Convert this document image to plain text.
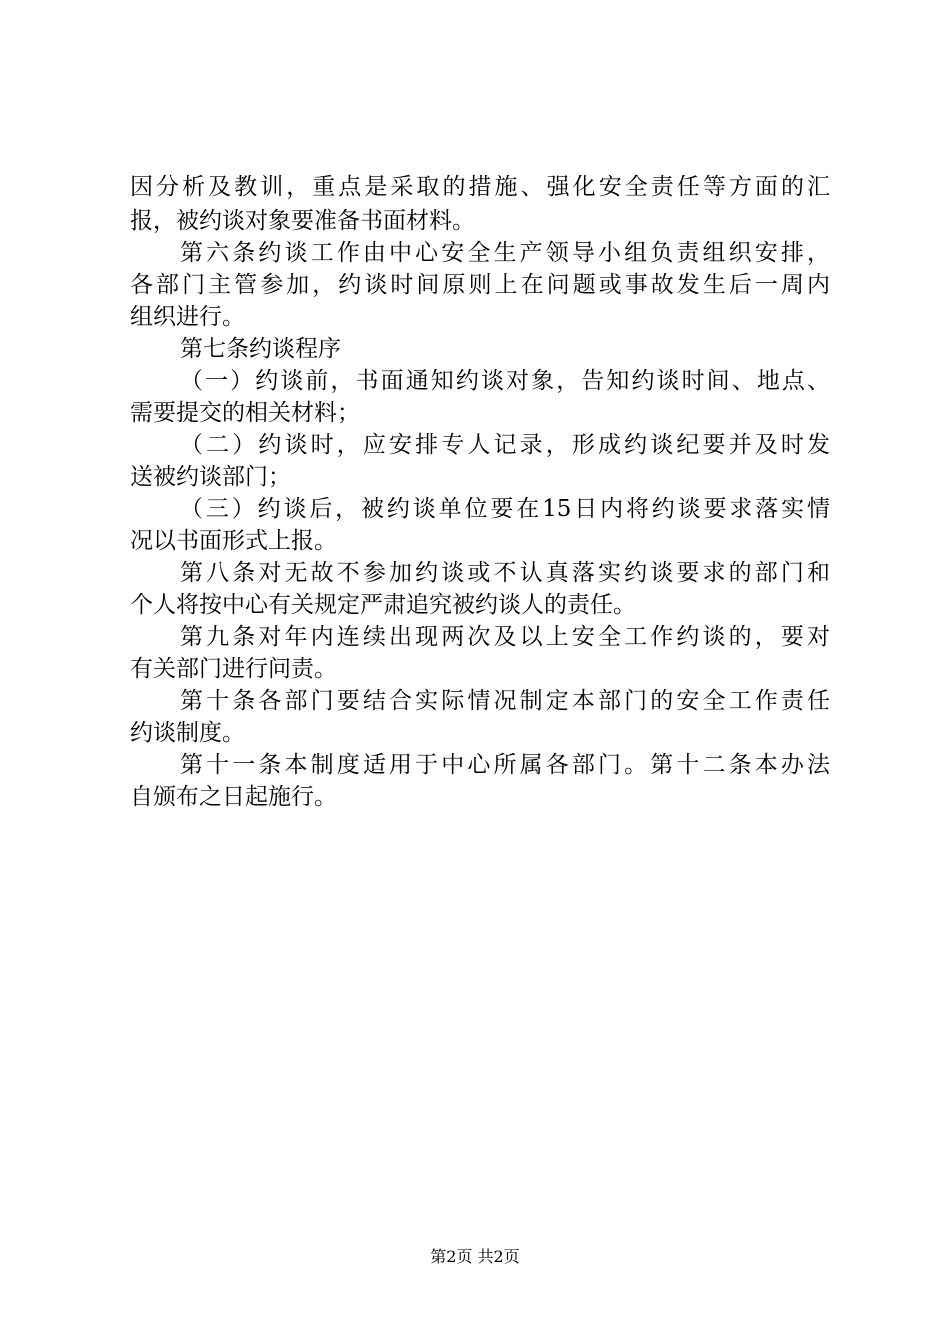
因分析及教训，重点是采取的措施、强化安全责任等方面的汇
报，被约谈对象要准备书面材料。
第六条约谈工作由中心安全生产领导小组负责组织安排，
各部门主管参加，约谈时间原则上在问题或事故发生后一周内
组织进行。
第七条约谈程序
（一）约谈前，书面通知约谈对象，告知约谈时间、地点、
需要提交的相关材料；
（二）约谈时，应安排专人记录，形成约谈纪要并及时发
送被约谈部门；
（三）约谈后，被约谈单位要在15日内将约谈要求落实情
况以书面形式上报。
第八条对无故不参加约谈或不认真落实约谈要求的部门和
个人将按中心有关规定严肃追究被约谈人的责任。
第九条对年内连续出现两次及以上安全工作约谈的，要对
有关部门进行问责。
第十条各部门要结合实际情况制定本部门的安全工作责任
约谈制度。
第十一条本制度适用于中心所属各部门。第十二条本办法
自颁布之日起施行。
第2页 共2页
